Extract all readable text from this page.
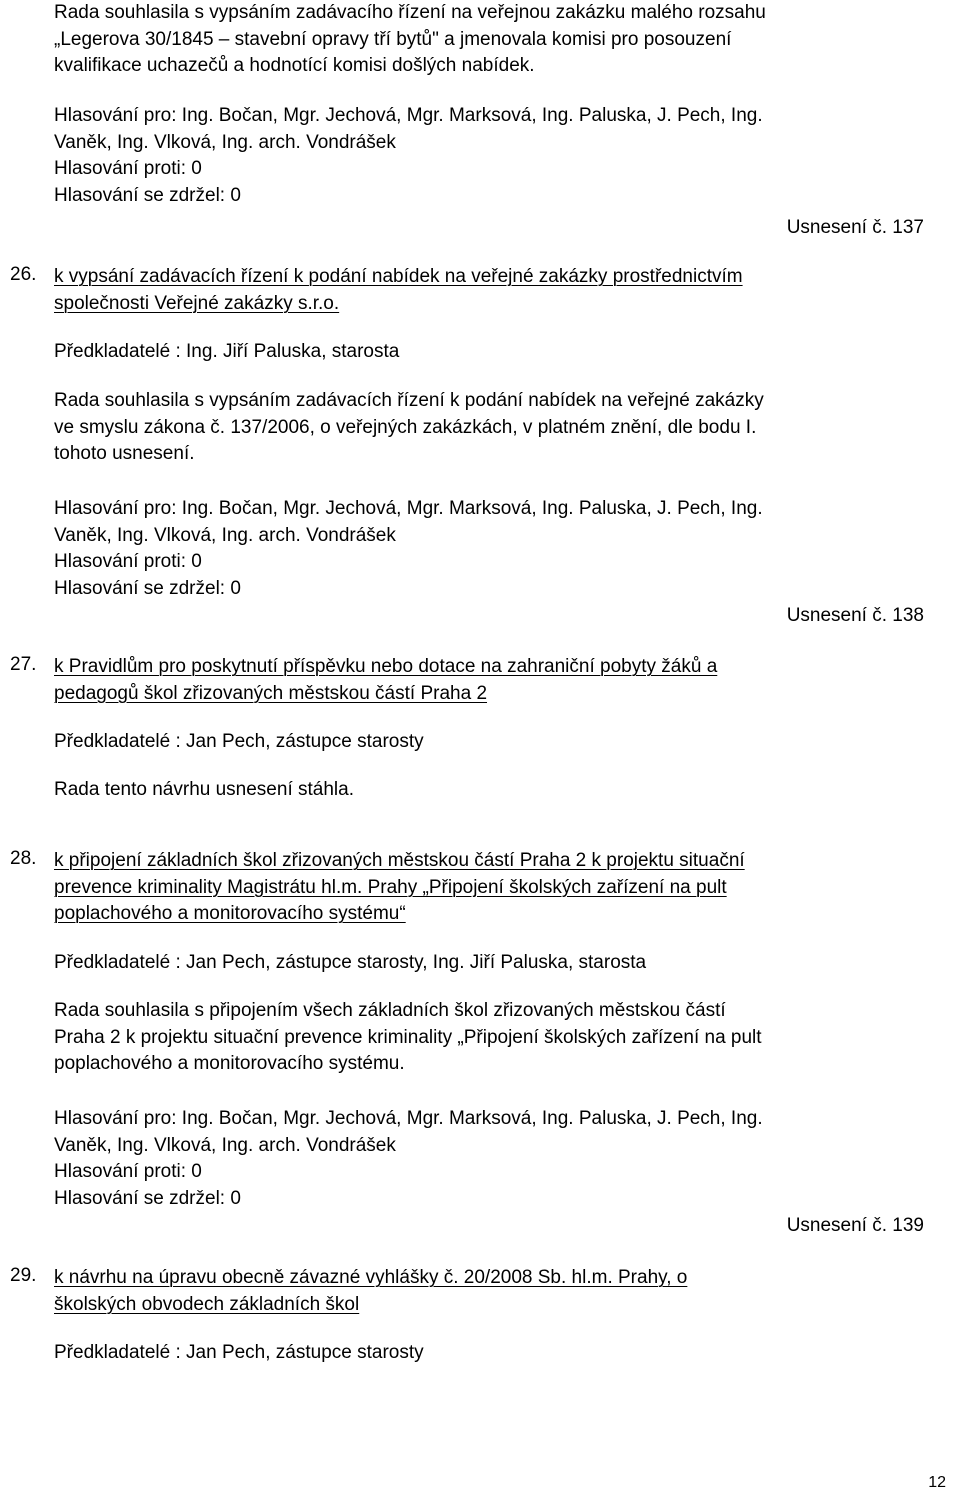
Rada souhlasila s vypsáním zadávacího řízení na veřejnou zakázku malého rozsahu
„Legerova 30/1845 – stavební opravy tří bytů" a jmenovala komisi pro posouzení
kvalifikace uchazečů a hodnotící komisi došlých nabídek.

Hlasování pro: Ing. Bočan, Mgr. Jechová, Mgr. Marksová, Ing. Paluska, J. Pech, Ing.
Vaněk, Ing. Vlková, Ing. arch. Vondrášek
Hlasování proti: 0
Hlasování se zdržel: 0

Usnesení č. 137
26. k vypsání zadávacích řízení k podání nabídek na veřejné zakázky prostřednictvím
společnosti Veřejné zakázky s.r.o.

Předkladatelé : Ing. Jiří Paluska, starosta

Rada souhlasila s vypsáním zadávacích řízení k podání nabídek na veřejné zakázky
ve smyslu zákona č. 137/2006, o veřejných zakázkách, v platném znění, dle bodu I.
tohoto usnesení.

Hlasování pro: Ing. Bočan, Mgr. Jechová, Mgr. Marksová, Ing. Paluska, J. Pech, Ing.
Vaněk, Ing. Vlková, Ing. arch. Vondrášek
Hlasování proti: 0
Hlasování se zdržel: 0

Usnesení č. 138
27. k Pravidlům pro poskytnutí příspěvku nebo dotace na zahraniční pobyty žáků a
pedagogů škol zřizovaných městskou částí Praha 2

Předkladatelé : Jan Pech, zástupce starosty

Rada tento návrhu usnesení stáhla.

28. k připojení základních škol zřizovaných městskou částí Praha 2 k projektu situační
prevence kriminality Magistrátu hl.m. Prahy „Připojení školských zařízení na pult
poplachového a monitorovacího systému“

Předkladatelé : Jan Pech, zástupce starosty, Ing. Jiří Paluska, starosta

Rada souhlasila s připojením všech základních škol zřizovaných městskou částí
Praha 2 k projektu situační prevence kriminality „Připojení školských zařízení na pult
poplachového a monitorovacího systému.

Hlasování pro: Ing. Bočan, Mgr. Jechová, Mgr. Marksová, Ing. Paluska, J. Pech, Ing.
Vaněk, Ing. Vlková, Ing. arch. Vondrášek
Hlasování proti: 0
Hlasování se zdržel: 0

Usnesení č. 139
29. k návrhu na úpravu obecně závazné vyhlášky č. 20/2008 Sb. hl.m. Prahy, o
školských obvodech základních škol

Předkladatelé : Jan Pech, zástupce starosty

12
